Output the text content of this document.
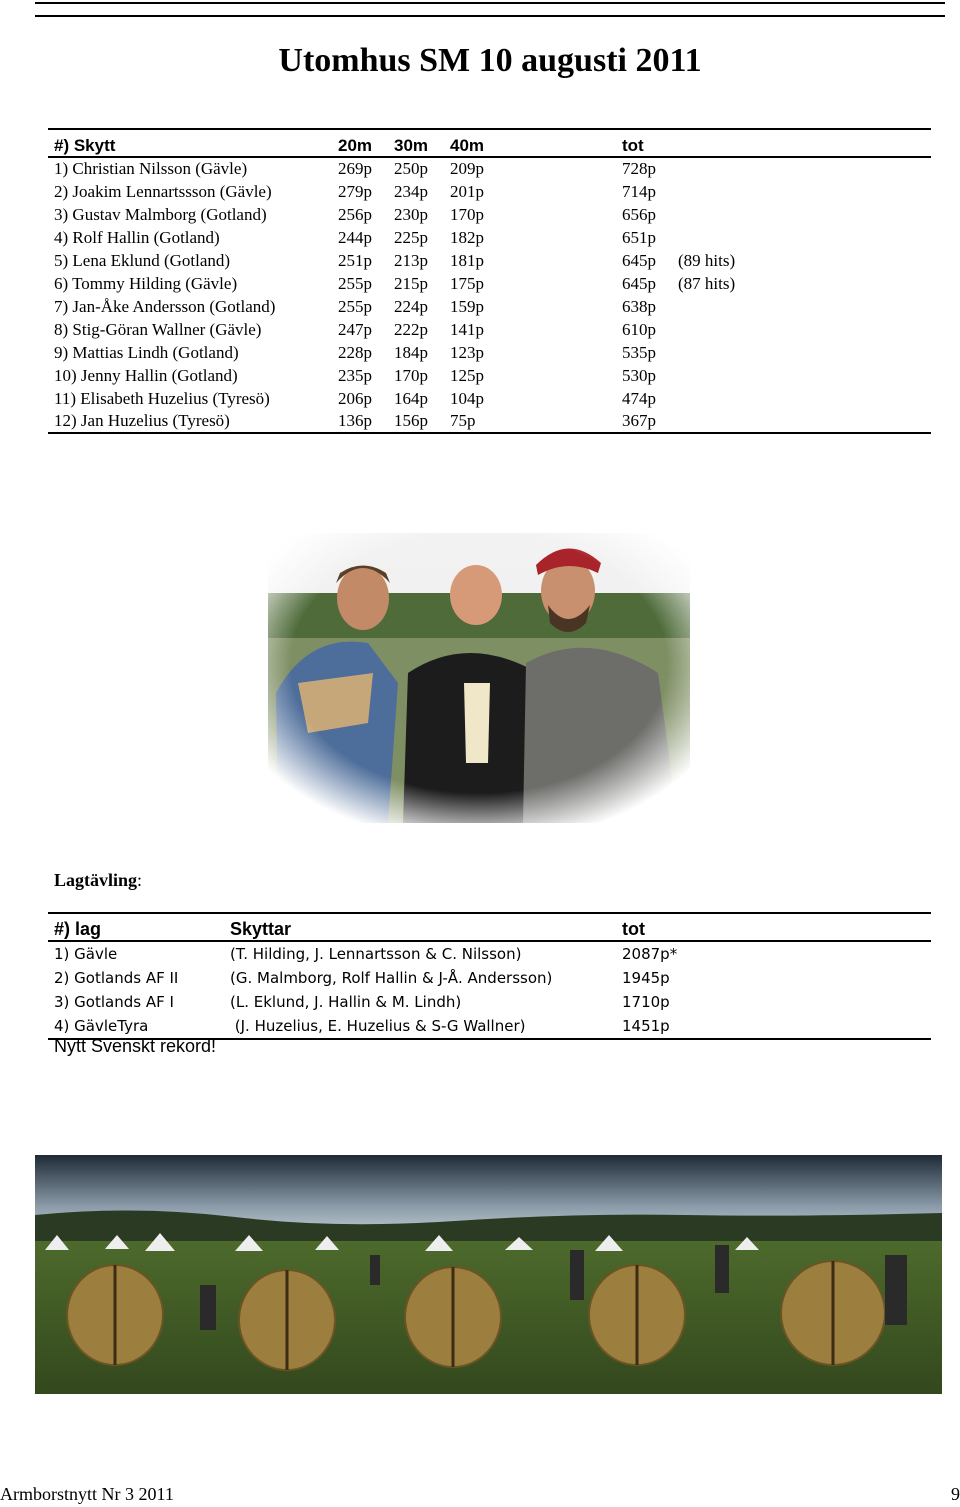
Utomhus SM 10 augusti 2011
#) Skytt	20m	30m	40m	tot	
1) Christian Nilsson (Gävle)	269p	250p	209p	728p	
2) Joakim Lennartssson (Gävle)	279p	234p	201p	714p	
3) Gustav Malmborg (Gotland)	256p	230p	170p	656p	
4) Rolf Hallin (Gotland)	244p	225p	182p	651p	
5) Lena Eklund (Gotland)	251p	213p	181p	645p	(89 hits)
6) Tommy Hilding (Gävle)	255p	215p	175p	645p	(87 hits)
7) Jan-Åke Andersson (Gotland)	255p	224p	159p	638p	
8) Stig-Göran Wallner (Gävle)	247p	222p	141p	610p	
9) Mattias Lindh (Gotland)	228p	184p	123p	535p	
10) Jenny Hallin (Gotland)	235p	170p	125p	530p	
11) Elisabeth Huzelius (Tyresö)	206p	164p	104p	474p	
12) Jan Huzelius (Tyresö)	136p	156p	75p	367p	
Lagtävling:
#) lag	Skyttar	tot
1) Gävle	(T. Hilding, J. Lennartsson & C. Nilsson)	2087p*
2) Gotlands AF II	(G. Malmborg, Rolf Hallin & J-Å. Andersson)	1945p
3) Gotlands AF I	(L. Eklund, J. Hallin & M. Lindh)	1710p
4) GävleTyra	(J. Huzelius, E. Huzelius & S-G Wallner)	1451p
Nytt Svenskt rekord!
Armborstnytt Nr 3 2011	9
